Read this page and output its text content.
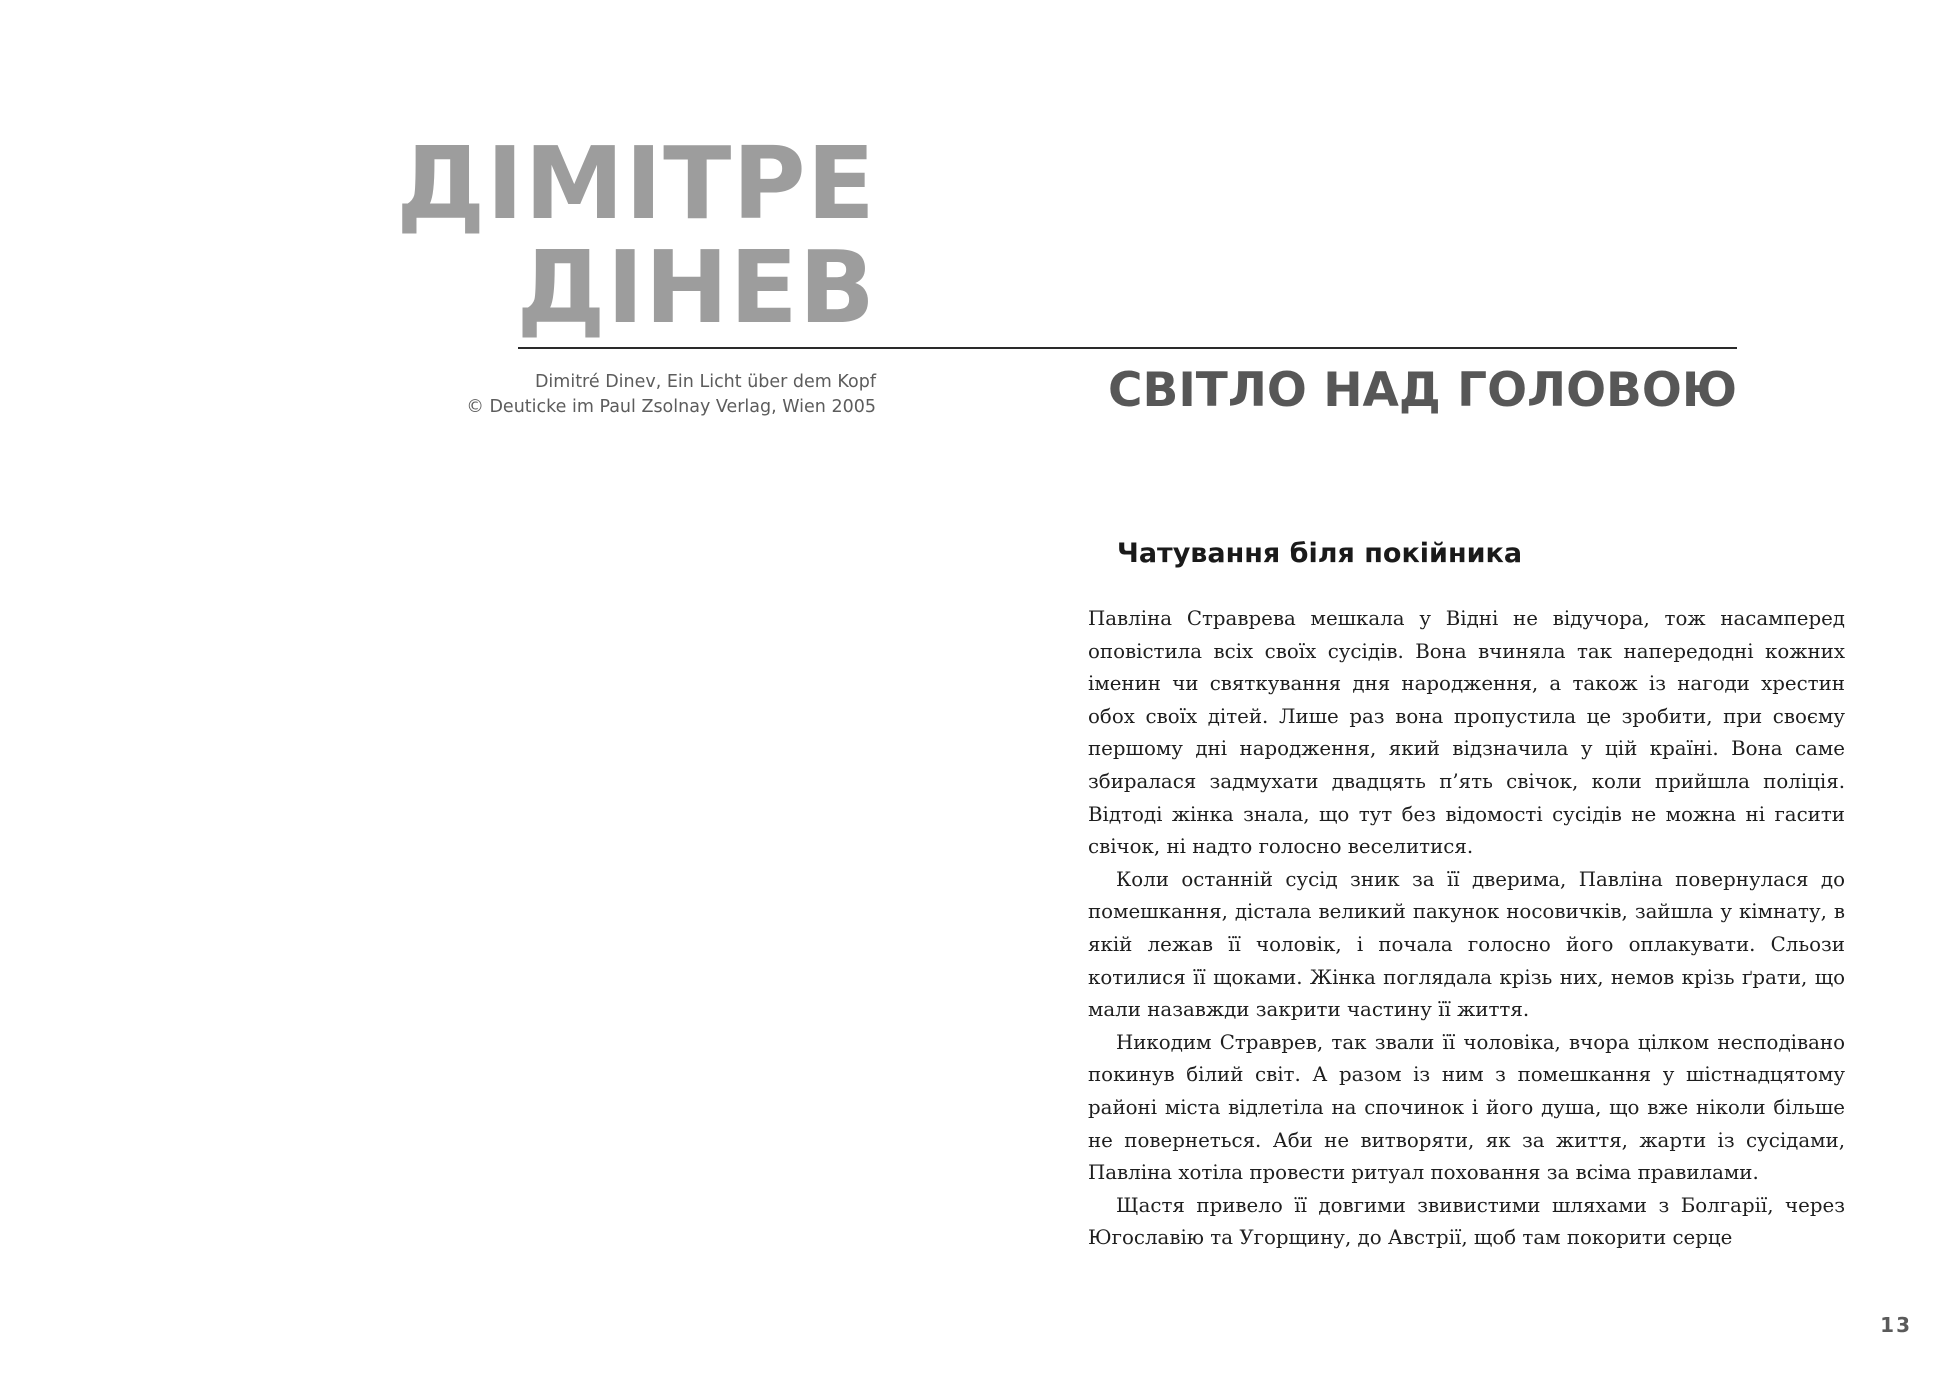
ДІМІТРЕ
ДІНЕВ
Dimitré Dinev, Ein Licht über dem Kopf
© Deuticke im Paul Zsolnay Verlag, Wien 2005	СВІТЛО НАД ГОЛОВОЮ
Чатування біля покійника

Павліна Страврева мешкала у Відні не відучора, тож насамперед оповістила всіх своїх сусідів. Вона вчиняла так напередодні кожних іменин чи святкування дня народження, а також із нагоди хрестин обох своїх дітей. Лише раз вона пропустила це зробити, при своєму першому дні народження, який відзначила у цій країні. Вона саме збиралася задмухати двадцять п’ять свічок, коли прийшла поліція. Відтоді жінка знала, що тут без відомості сусідів не можна ні гасити свічок, ні надто голосно веселитися.

Коли останній сусід зник за її дверима, Павліна повернулася до помешкання, дістала великий пакунок носовичків, зайшла у кімнату, в якій лежав її чоловік, і почала голосно його оплакувати. Сльози котилися її щоками. Жінка поглядала крізь них, немов крізь ґрати, що мали назавжди закрити частину її життя.

Никодим Страврев, так звали її чоловіка, вчора цілком несподівано покинув білий світ. А разом із ним з помешкання у шістнадцятому районі міста відлетіла на спочинок і його душа, що вже ніколи більше не повернеться. Аби не витворяти, як за життя, жарти із сусідами, Павліна хотіла провести ритуал поховання за всіма правилами.

Щастя привело її довгими звивистими шляхами з Болгарії, через Югославію та Угорщину, до Австрії, щоб там покорити серце

13
